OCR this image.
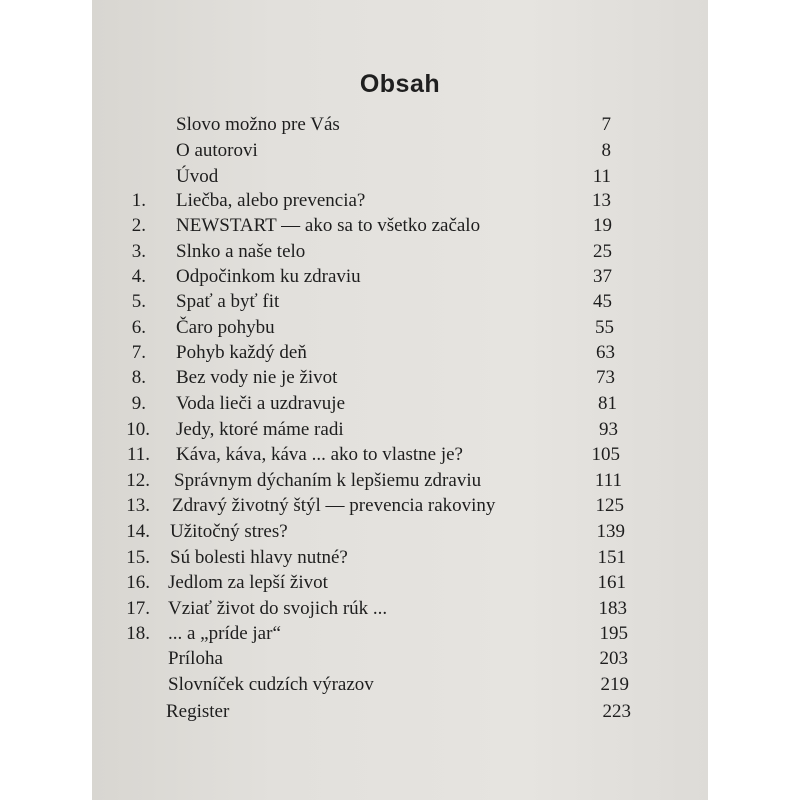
Obsah
Slovo možno pre Vás	7
O autorovi	8
Úvod	11
1. Liečba, alebo prevencia?	13
2. NEWSTART — ako sa to všetko začalo	19
3. Slnko a naše telo	25
4. Odpočinkom ku zdraviu	37
5. Spať a byť fit	45
6. Čaro pohybu	55
7. Pohyb každý deň	63
8. Bez vody nie je život	73
9. Voda lieči a uzdravuje	81
10. Jedy, ktoré máme radi	93
11. Káva, káva, káva ... ako to vlastne je?	105
12. Správnym dýchaním k lepšiemu zdraviu	111
13. Zdravý životný štýl — prevencia rakoviny	125
14. Užitočný stres?	139
15. Sú bolesti hlavy nutné?	151
16. Jedlom za lepší život	161
17. Vziať život do svojich rúk ...	183
18. ... a „príde jar“	195
Príloha	203
Slovníček cudzích výrazov	219
Register	223
